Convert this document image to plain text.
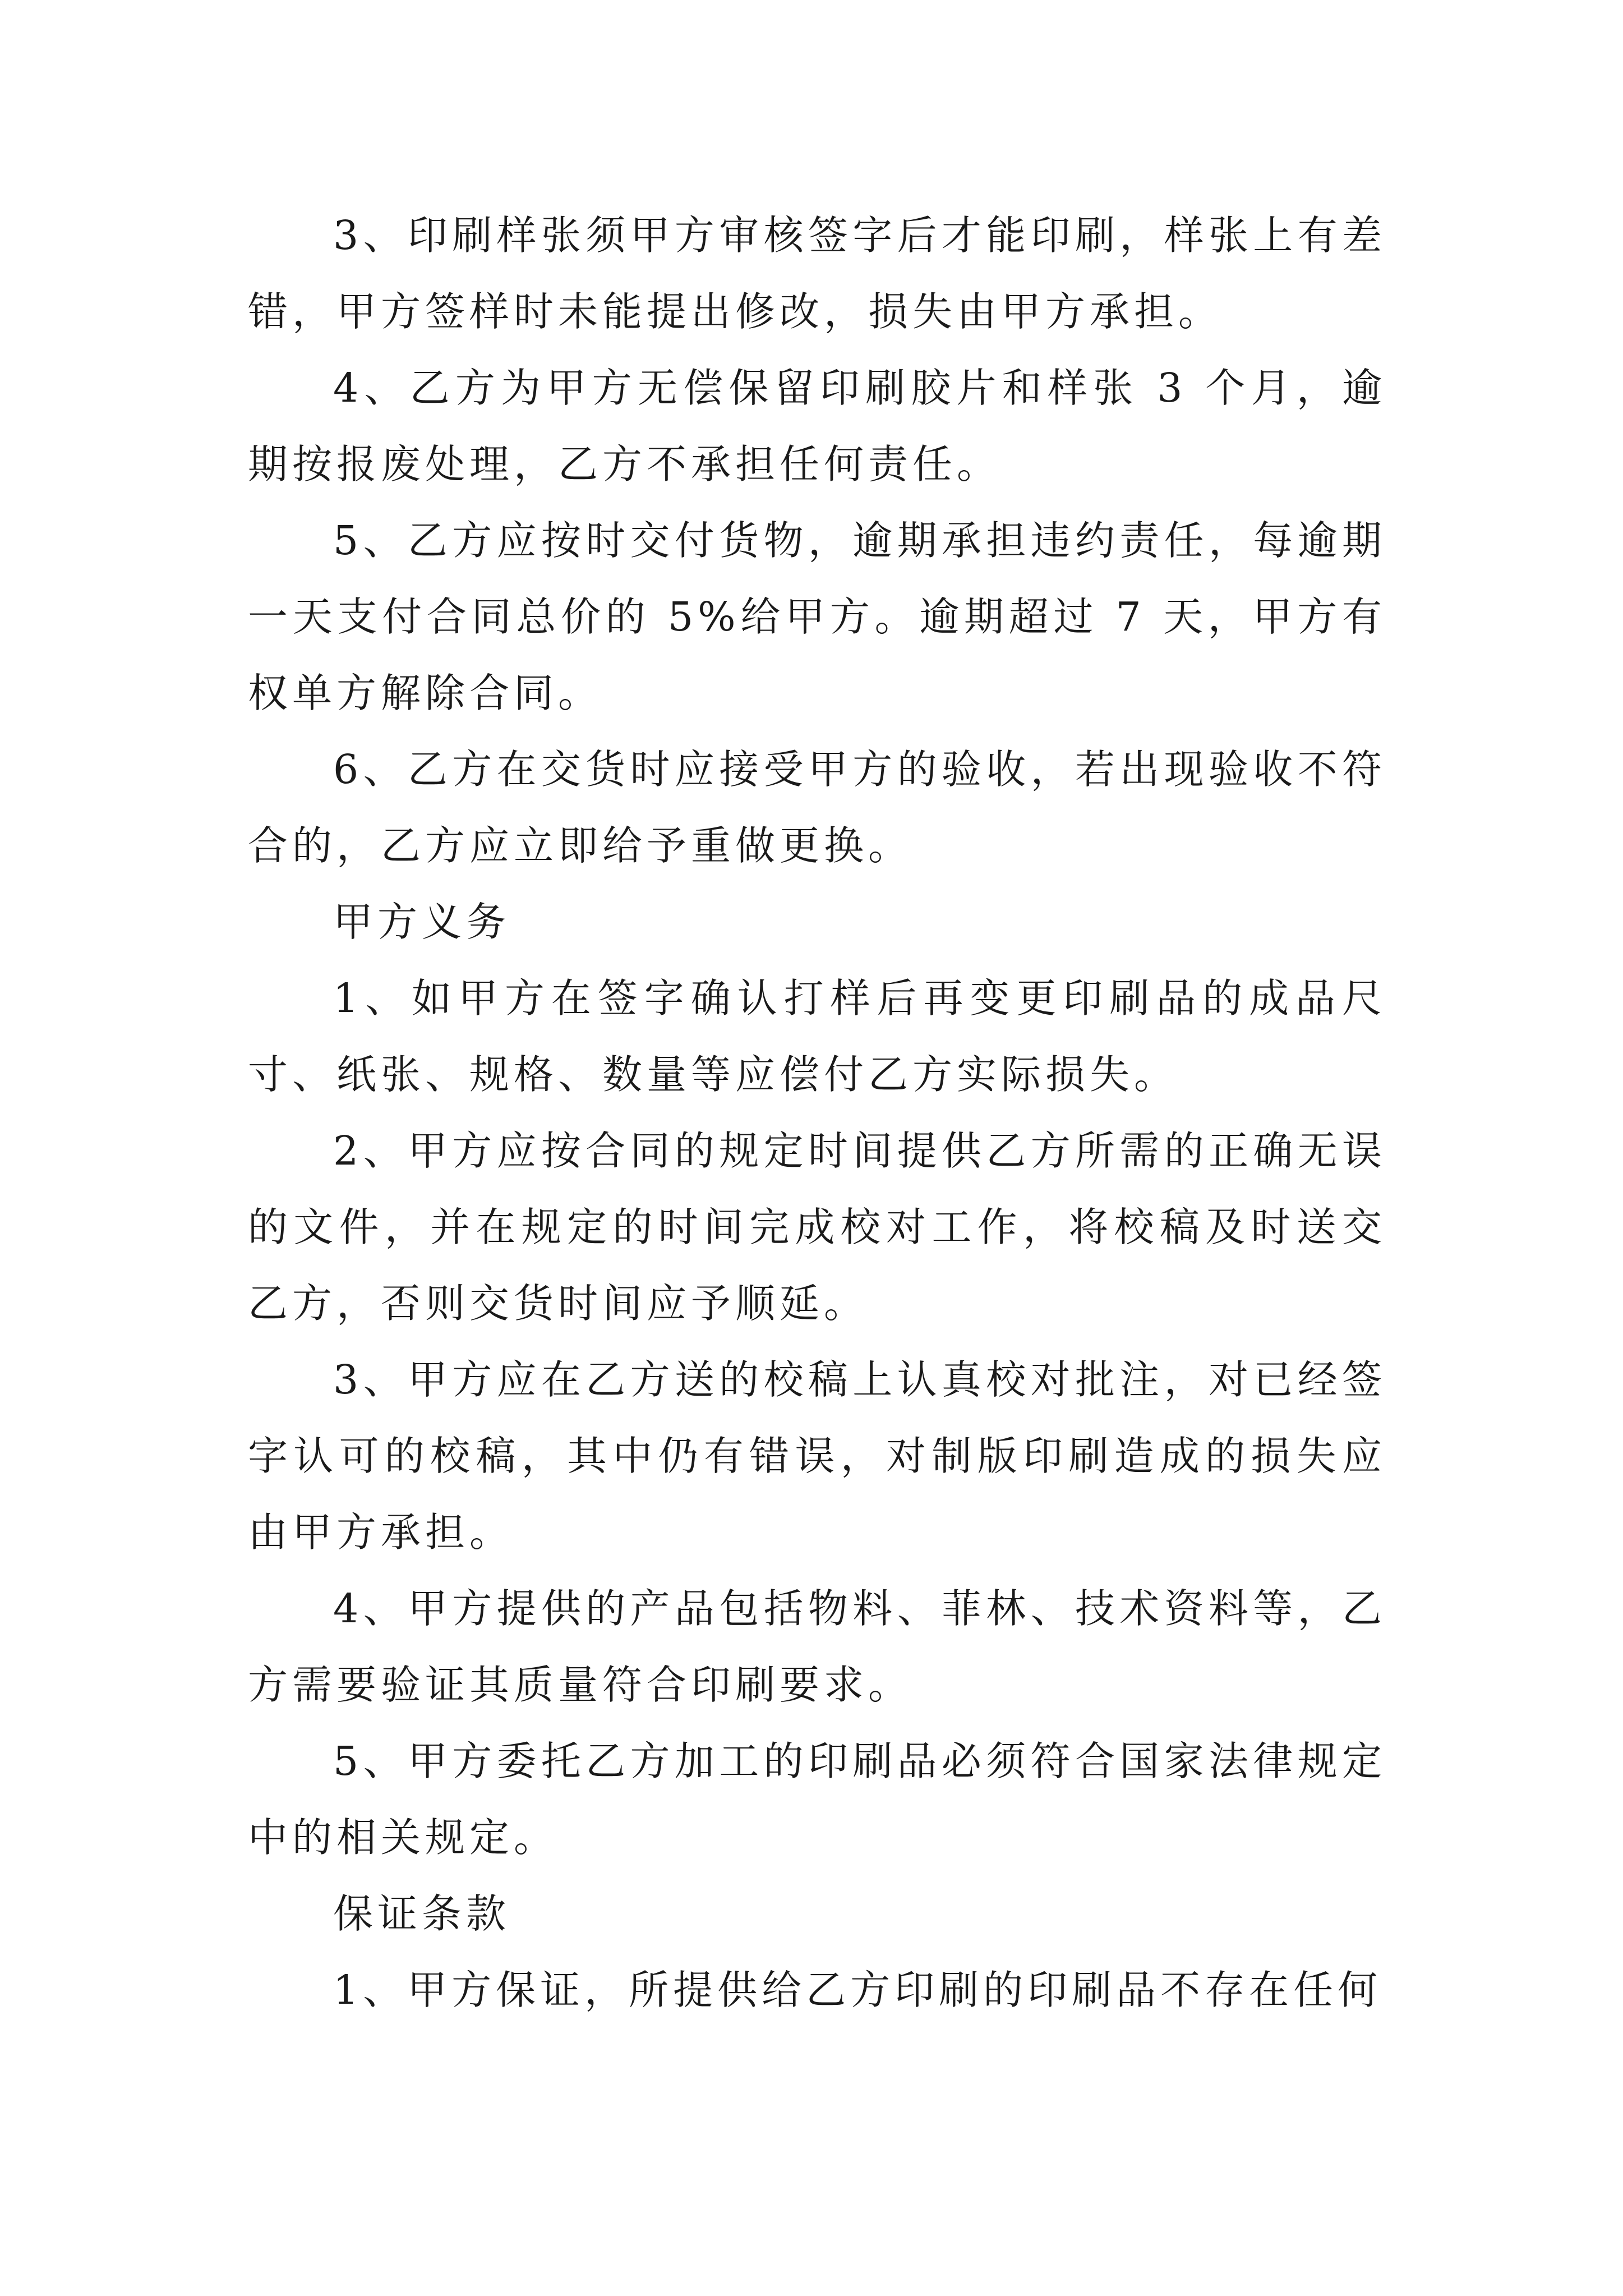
3、印刷样张须甲方审核签字后才能印刷，样张上有差错，甲方签样时未能提出修改，损失由甲方承担。

4、乙方为甲方无偿保留印刷胶片和样张 3 个月，逾期按报废处理，乙方不承担任何责任。

5、乙方应按时交付货物，逾期承担违约责任，每逾期一天支付合同总价的 5%给甲方。逾期超过 7 天，甲方有权单方解除合同。

6、乙方在交货时应接受甲方的验收，若出现验收不符合的，乙方应立即给予重做更换。

甲方义务

1、如甲方在签字确认打样后再变更印刷品的成品尺寸、纸张、规格、数量等应偿付乙方实际损失。

2、甲方应按合同的规定时间提供乙方所需的正确无误的文件，并在规定的时间完成校对工作，将校稿及时送交乙方，否则交货时间应予顺延。

3、甲方应在乙方送的校稿上认真校对批注，对已经签字认可的校稿，其中仍有错误，对制版印刷造成的损失应由甲方承担。

4、甲方提供的产品包括物料、菲林、技术资料等，乙方需要验证其质量符合印刷要求。

5、甲方委托乙方加工的印刷品必须符合国家法律规定中的相关规定。

保证条款

1、甲方保证，所提供给乙方印刷的印刷品不存在任何
